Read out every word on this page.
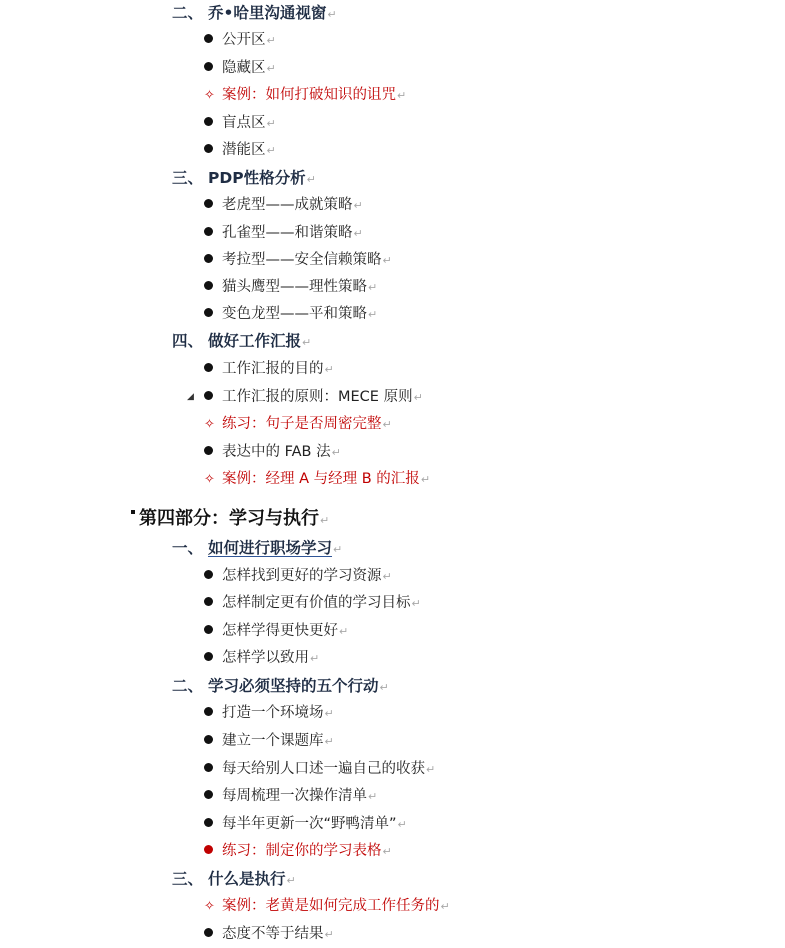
二、 乔•哈里沟通视窗↵
公开区↵
隐藏区↵
✧ 案例：如何打破知识的诅咒↵
盲点区↵
潜能区↵
三、 PDP性格分析↵
老虎型——成就策略↵
孔雀型——和谐策略↵
考拉型——安全信赖策略↵
猫头鹰型——理性策略↵
变色龙型——平和策略↵
四、 做好工作汇报↵
工作汇报的目的↵
◢ 工作汇报的原则：MECE 原则↵
✧ 练习：句子是否周密完整↵
表达中的 FAB 法↵
✧ 案例：经理 A 与经理 B 的汇报↵
第四部分：学习与执行↵
一、 如何进行职场学习↵
怎样找到更好的学习资源↵
怎样制定更有价值的学习目标↵
怎样学得更快更好↵
怎样学以致用↵
二、 学习必须坚持的五个行动↵
打造一个环境场↵
建立一个课题库↵
每天给别人口述一遍自己的收获↵
每周梳理一次操作清单↵
每半年更新一次“野鸭清单”↵
练习：制定你的学习表格↵
三、 什么是执行↵
✧ 案例：老黄是如何完成工作任务的↵
态度不等于结果↵
